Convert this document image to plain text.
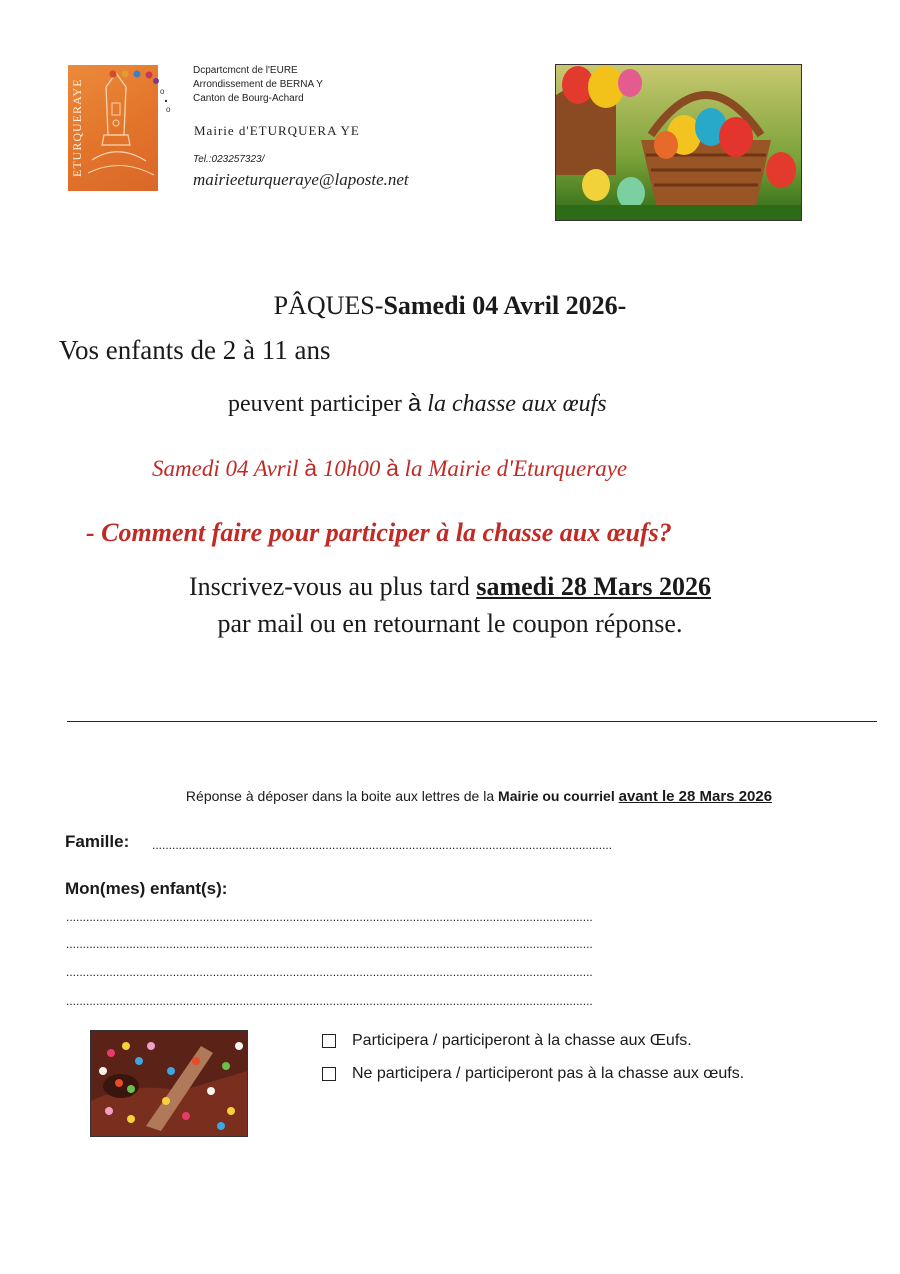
ETURQUERAYE	o
o
Dcpartcmcnt de l'EURE
Arrondissement de BERNA Y
Canton de Bourg-Achard
Mairie d'ETURQUERA YE
Tel.:023257323/
mairieeturqueraye@laposte.net
PÂQUES-Samedi 04 Avril 2026-
Vos enfants de 2 à 11 ans
peuvent participer à la chasse aux œufs
Samedi 04 Avril à 10h00 à la Mairie d'Eturqueraye
- Comment faire pour participer à la chasse aux œufs?
Inscrivez-vous au plus tard samedi 28 Mars 2026
par mail ou en retournant le coupon réponse.
Réponse à déposer dans la boite aux lettres de la Mairie ou courriel avant le 28 Mars 2026
Famille: ..........................................................................................................................................
Mon(mes) enfant(s):
..............................................................................................................................................................
..............................................................................................................................................................
..............................................................................................................................................................
..............................................................................................................................................................
Participera / participeront à la chasse aux Œufs.
Ne participera / participeront pas à la chasse aux œufs.
